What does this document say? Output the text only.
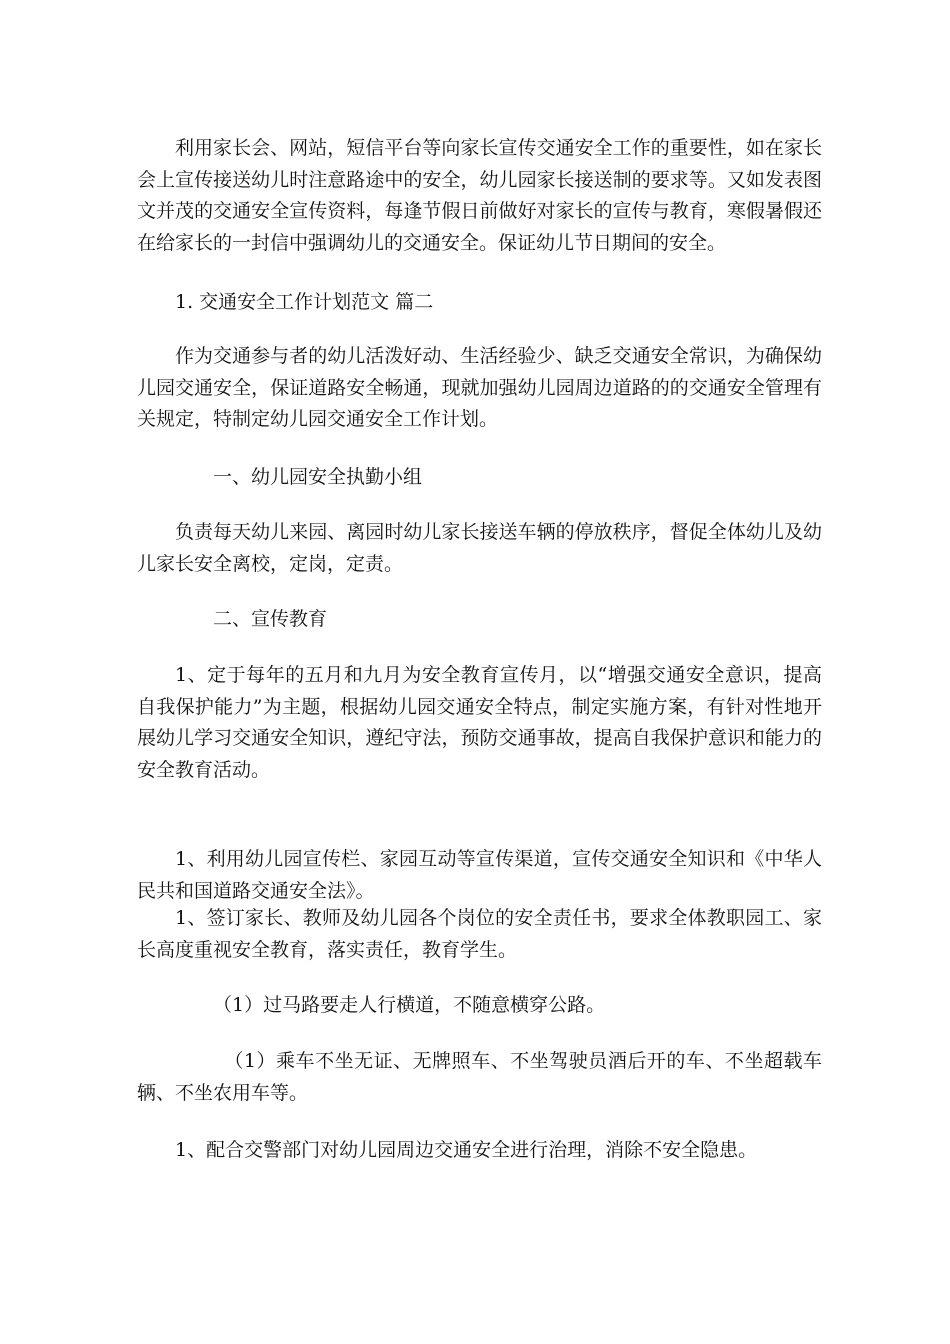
利用家长会、网站，短信平台等向家长宣传交通安全工作的重要性，如在家长会上宣传接送幼儿时注意路途中的安全，幼儿园家长接送制的要求等。又如发表图文并茂的交通安全宣传资料，每逢节假日前做好对家长的宣传与教育，寒假暑假还在给家长的一封信中强调幼儿的交通安全。保证幼儿节日期间的安全。

1. 交通安全工作计划范文 篇二

作为交通参与者的幼儿活泼好动、生活经验少、缺乏交通安全常识，为确保幼儿园交通安全，保证道路安全畅通，现就加强幼儿园周边道路的的交通安全管理有关规定，特制定幼儿园交通安全工作计划。

一、幼儿园安全执勤小组

负责每天幼儿来园、离园时幼儿家长接送车辆的停放秩序，督促全体幼儿及幼儿家长安全离校，定岗，定责。

二、宣传教育

1、定于每年的五月和九月为安全教育宣传月，以“增强交通安全意识，提高自我保护能力”为主题，根据幼儿园交通安全特点，制定实施方案，有针对性地开展幼儿学习交通安全知识，遵纪守法，预防交通事故，提高自我保护意识和能力的安全教育活动。

1、利用幼儿园宣传栏、家园互动等宣传渠道，宣传交通安全知识和《中华人民共和国道路交通安全法》。

1、签订家长、教师及幼儿园各个岗位的安全责任书，要求全体教职园工、家长高度重视安全教育，落实责任，教育学生。

（1）过马路要走人行横道，不随意横穿公路。

（1）乘车不坐无证、无牌照车、不坐驾驶员酒后开的车、不坐超载车辆、不坐农用车等。

1、配合交警部门对幼儿园周边交通安全进行治理，消除不安全隐患。
